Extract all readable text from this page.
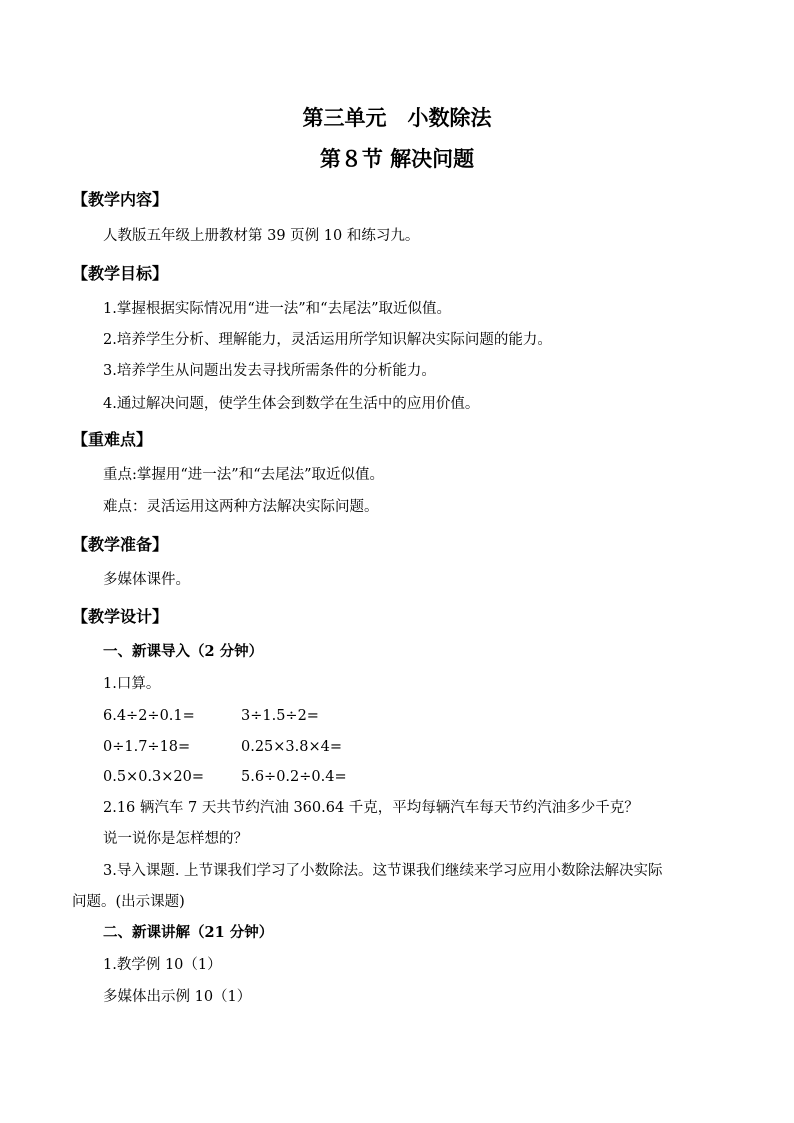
第三单元　小数除法
第８节 解决问题
【教学内容】
人教版五年级上册教材第 39 页例 10 和练习九。
【教学目标】
1.掌握根据实际情况用“进一法”和“去尾法”取近似值。
2.培养学生分析、理解能力，灵活运用所学知识解决实际问题的能力。
3.培养学生从问题出发去寻找所需条件的分析能力。
4.通过解决问题，使学生体会到数学在生活中的应用价值。
【重难点】
重点:掌握用“进一法”和“去尾法”取近似值。
难点：灵活运用这两种方法解决实际问题。
【教学准备】
多媒体课件。
【教学设计】
一、新课导入（2 分钟）
1.口算。
6.4÷2÷0.1=	3÷1.5÷2=
0÷1.7÷18=	0.25×3.8×4=
0.5×0.3×20=	5.6÷0.2÷0.4=
2.16 辆汽车 7 天共节约汽油 360.64 千克，平均每辆汽车每天节约汽油多少千克？
说一说你是怎样想的？
3.导入课题. 上节课我们学习了小数除法。这节课我们继续来学习应用小数除法解决实际
问题。(出示课题)
二、新课讲解（21 分钟）
1.教学例 10（1）
多媒体出示例 10（1）
